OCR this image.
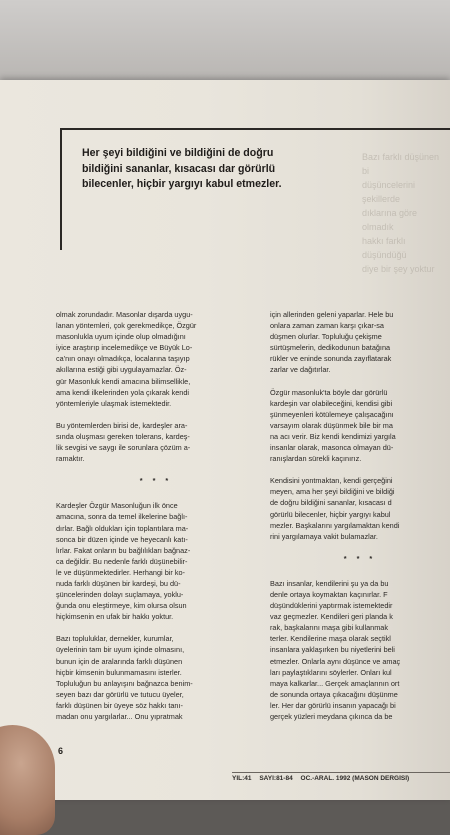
Her şeyi bildiğini ve bildiğini de doğru
bildiğini sananlar, kısacası dar görürlü
bilecenler, hiçbir yargıyı kabul etmezler.
Bazı farklı düşünen bi
düşüncelerini şekillerde
dıklarına göre olmadık
hakkı farklı düşündüğü
diye bir şey yoktur

olmak zorundadır. Masonlar dışarda uygu-
lanan yöntemleri, çok gerekmedikçe, Özgür
masonlukla uyum içinde olup olmadığını
iyice araştırıp incelemedikçe ve Büyük Lo-
ca'nın onayı olmadıkça, localarına taşıyıp
akıllarına estiği gibi uygulayamazlar. Öz-
gür Masonluk kendi amacına bilimsellikle,
ama kendi ilkelerinden yola çıkarak kendi
yöntemleriyle ulaşmak istemektedir.

Bu yöntemlerden birisi de, kardeşler ara-
sında oluşması gereken tolerans, kardeş-
lik sevgisi ve saygı ile sorunlara çözüm a-
ramaktır.

* * *

Kardeşler Özgür Masonluğun ilk önce
amacına, sonra da temel ilkelerine bağlı-
dırlar. Bağlı oldukları için toplantılara ma-
sonca bir düzen içinde ve heyecanlı katı-
lırlar. Fakat onların bu bağlılıkları bağnaz-
ca değildir. Bu nedenle farklı düşünebilir-
le ve düşünmektedirler. Herhangi bir ko-
nuda farklı düşünen bir kardeşi, bu dü-
şüncelerinden dolayı suçlamaya, yoklu-
ğunda onu eleştirmeye, kim olursa olsun
hiçkimsenin en ufak bir hakkı yoktur.

Bazı topluluklar, dernekler, kurumlar,
üyelerinin tam bir uyum içinde olmasını,
bunun için de aralarında farklı düşünen
hiçbir kimsenin bulunmamasını isterler.
Topluluğun bu anlayışını bağnazca benim-
seyen bazı dar görürlü ve tutucu üyeler,
farklı düşünen bir üyeye söz hakkı tanı-
madan onu yargılarlar... Onu yıpratmak

için allerinden geleni yaparlar. Hele bu
onlara zaman zaman karşı çıkar-sa
düşmen olurlar. Topluluğu çekişme
sürtüşmelerin, dedikodunun batağına
rükler ve eninde sonunda zayıflatarak
zarlar ve dağıtırlar.

Özgür masonluk'ta böyle dar görürlü
kardeşin var olabileceğini, kendisi gibi
şünmeyenleri kötülemeye çalışacağını
varsayım olarak düşünmek bile bir ma
na acı verir. Biz kendi kendimizi yargıla
insanlar olarak, masonca olmayan dü-
ranışlardan sürekli kaçınırız.

Kendisini yontmaktan, kendi gerçeğini
meyen, ama her şeyi bildiğini ve bildiği
de doğru bildiğini sananlar, kısacası d
görürlü bilecenler, hiçbir yargıyı kabul
mezler. Başkalarını yargılamaktan kendi
rini yargılamaya vakit bulamazlar.

* * *

Bazı insanlar, kendilerini şu ya da bu
denle ortaya koymaktan kaçınırlar. F
düşündüklerini yaptırmak istemektedir
vaz geçmezler. Kendileri geri planda k
rak, başkalarını maşa gibi kullanmak
terler. Kendilerine maşa olarak seçtikl
insanlara yaklaşırken bu niyetlerini beli
etmezler. Onlarla aynı düşünce ve amaç
ları paylaştıklarını söylerler. Onları kul
maya kalkarlar... Gerçek amaçlarının ort
de sonunda ortaya çıkacağını düşünme
ler. Her dar görürlü insanın yapacağı bi
gerçek yüzleri meydana çıkınca da be

6
YIL:41 SAYI:81-84 OC.-ARAL. 1992 (MASON DERGİSİ)
